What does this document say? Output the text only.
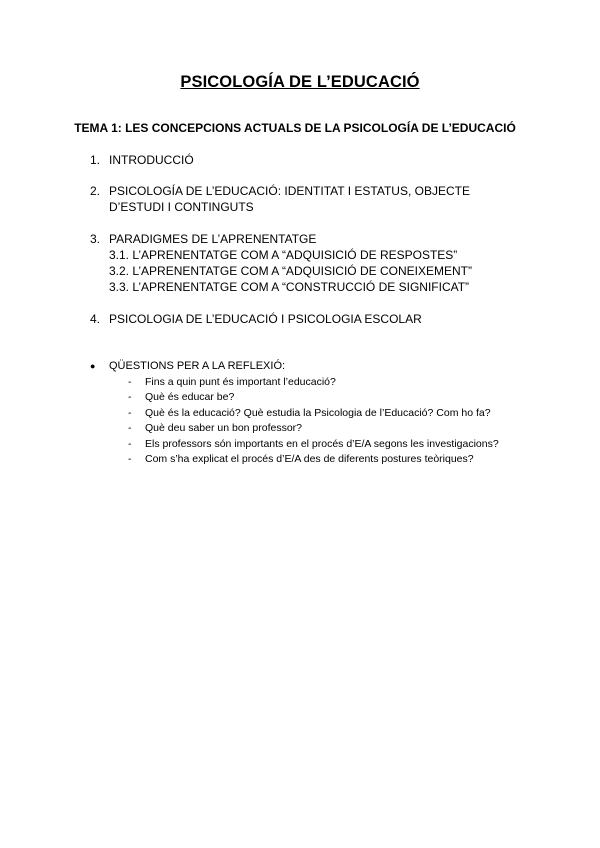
PSICOLOGÍA DE L’EDUCACIÓ
TEMA 1: LES CONCEPCIONS ACTUALS DE LA PSICOLOGÍA DE L’EDUCACIÓ
1. INTRODUCCIÓ
2. PSICOLOGÍA DE L’EDUCACIÓ: IDENTITAT I ESTATUS, OBJECTE
D’ESTUDI I CONTINGUTS
3. PARADIGMES DE L’APRENENTATGE
3.1. L’APRENENTATGE COM A “ADQUISICIÓ DE RESPOSTES”
3.2. L’APRENENTATGE COM A “ADQUISICIÓ DE CONEIXEMENT”
3.3. L’APRENENTATGE COM A “CONSTRUCCIÓ DE SIGNIFICAT”
4. PSICOLOGIA DE L’EDUCACIÓ I PSICOLOGIA ESCOLAR
● QÜESTIONS PER A LA REFLEXIÓ:
- Fins a quin punt és important l’educació?
- Què és educar be?
- Què és la educació? Què estudia la Psicologia de l’Educació? Com ho fa?
- Què deu saber un bon professor?
- Els professors són importants en el procés d’E/A segons les investigacions?
- Com s’ha explicat el procés d’E/A des de diferents postures teòriques?
